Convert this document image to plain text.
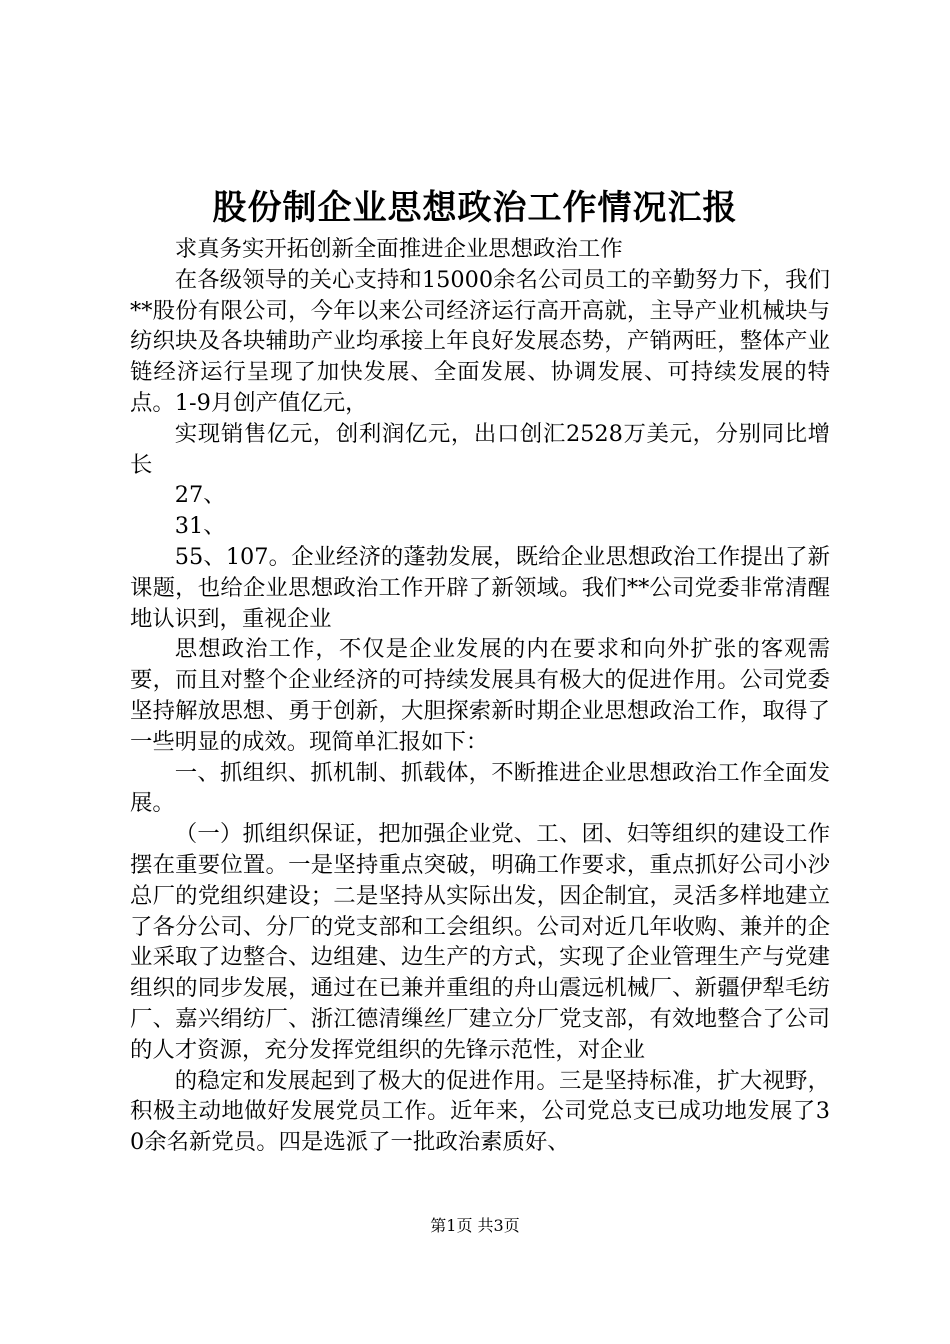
股份制企业思想政治工作情况汇报

求真务实开拓创新全面推进企业思想政治工作

在各级领导的关心支持和15000余名公司员工的辛勤努力下，我们**股份有限公司，今年以来公司经济运行高开高就，主导产业机械块与纺织块及各块辅助产业均承接上年良好发展态势，产销两旺，整体产业链经济运行呈现了加快发展、全面发展、协调发展、可持续发展的特点。1-9月创产值亿元，

实现销售亿元，创利润亿元，出口创汇2528万美元，分别同比增长

27、

31、

55、107。企业经济的蓬勃发展，既给企业思想政治工作提出了新课题，也给企业思想政治工作开辟了新领域。我们**公司党委非常清醒地认识到，重视企业

思想政治工作，不仅是企业发展的内在要求和向外扩张的客观需要，而且对整个企业经济的可持续发展具有极大的促进作用。公司党委坚持解放思想、勇于创新，大胆探索新时期企业思想政治工作，取得了一些明显的成效。现简单汇报如下：

一、抓组织、抓机制、抓载体，不断推进企业思想政治工作全面发展。

（一）抓组织保证，把加强企业党、工、团、妇等组织的建设工作摆在重要位置。一是坚持重点突破，明确工作要求，重点抓好公司小沙总厂的党组织建设；二是坚持从实际出发，因企制宜，灵活多样地建立了各分公司、分厂的党支部和工会组织。公司对近几年收购、兼并的企业采取了边整合、边组建、边生产的方式，实现了企业管理生产与党建组织的同步发展，通过在已兼并重组的舟山震远机械厂、新疆伊犁毛纺厂、嘉兴绢纺厂、浙江德清缫丝厂建立分厂党支部，有效地整合了公司的人才资源，充分发挥党组织的先锋示范性，对企业

的稳定和发展起到了极大的促进作用。三是坚持标准，扩大视野，积极主动地做好发展党员工作。近年来，公司党总支已成功地发展了30余名新党员。四是选派了一批政治素质好、

第1页 共3页
